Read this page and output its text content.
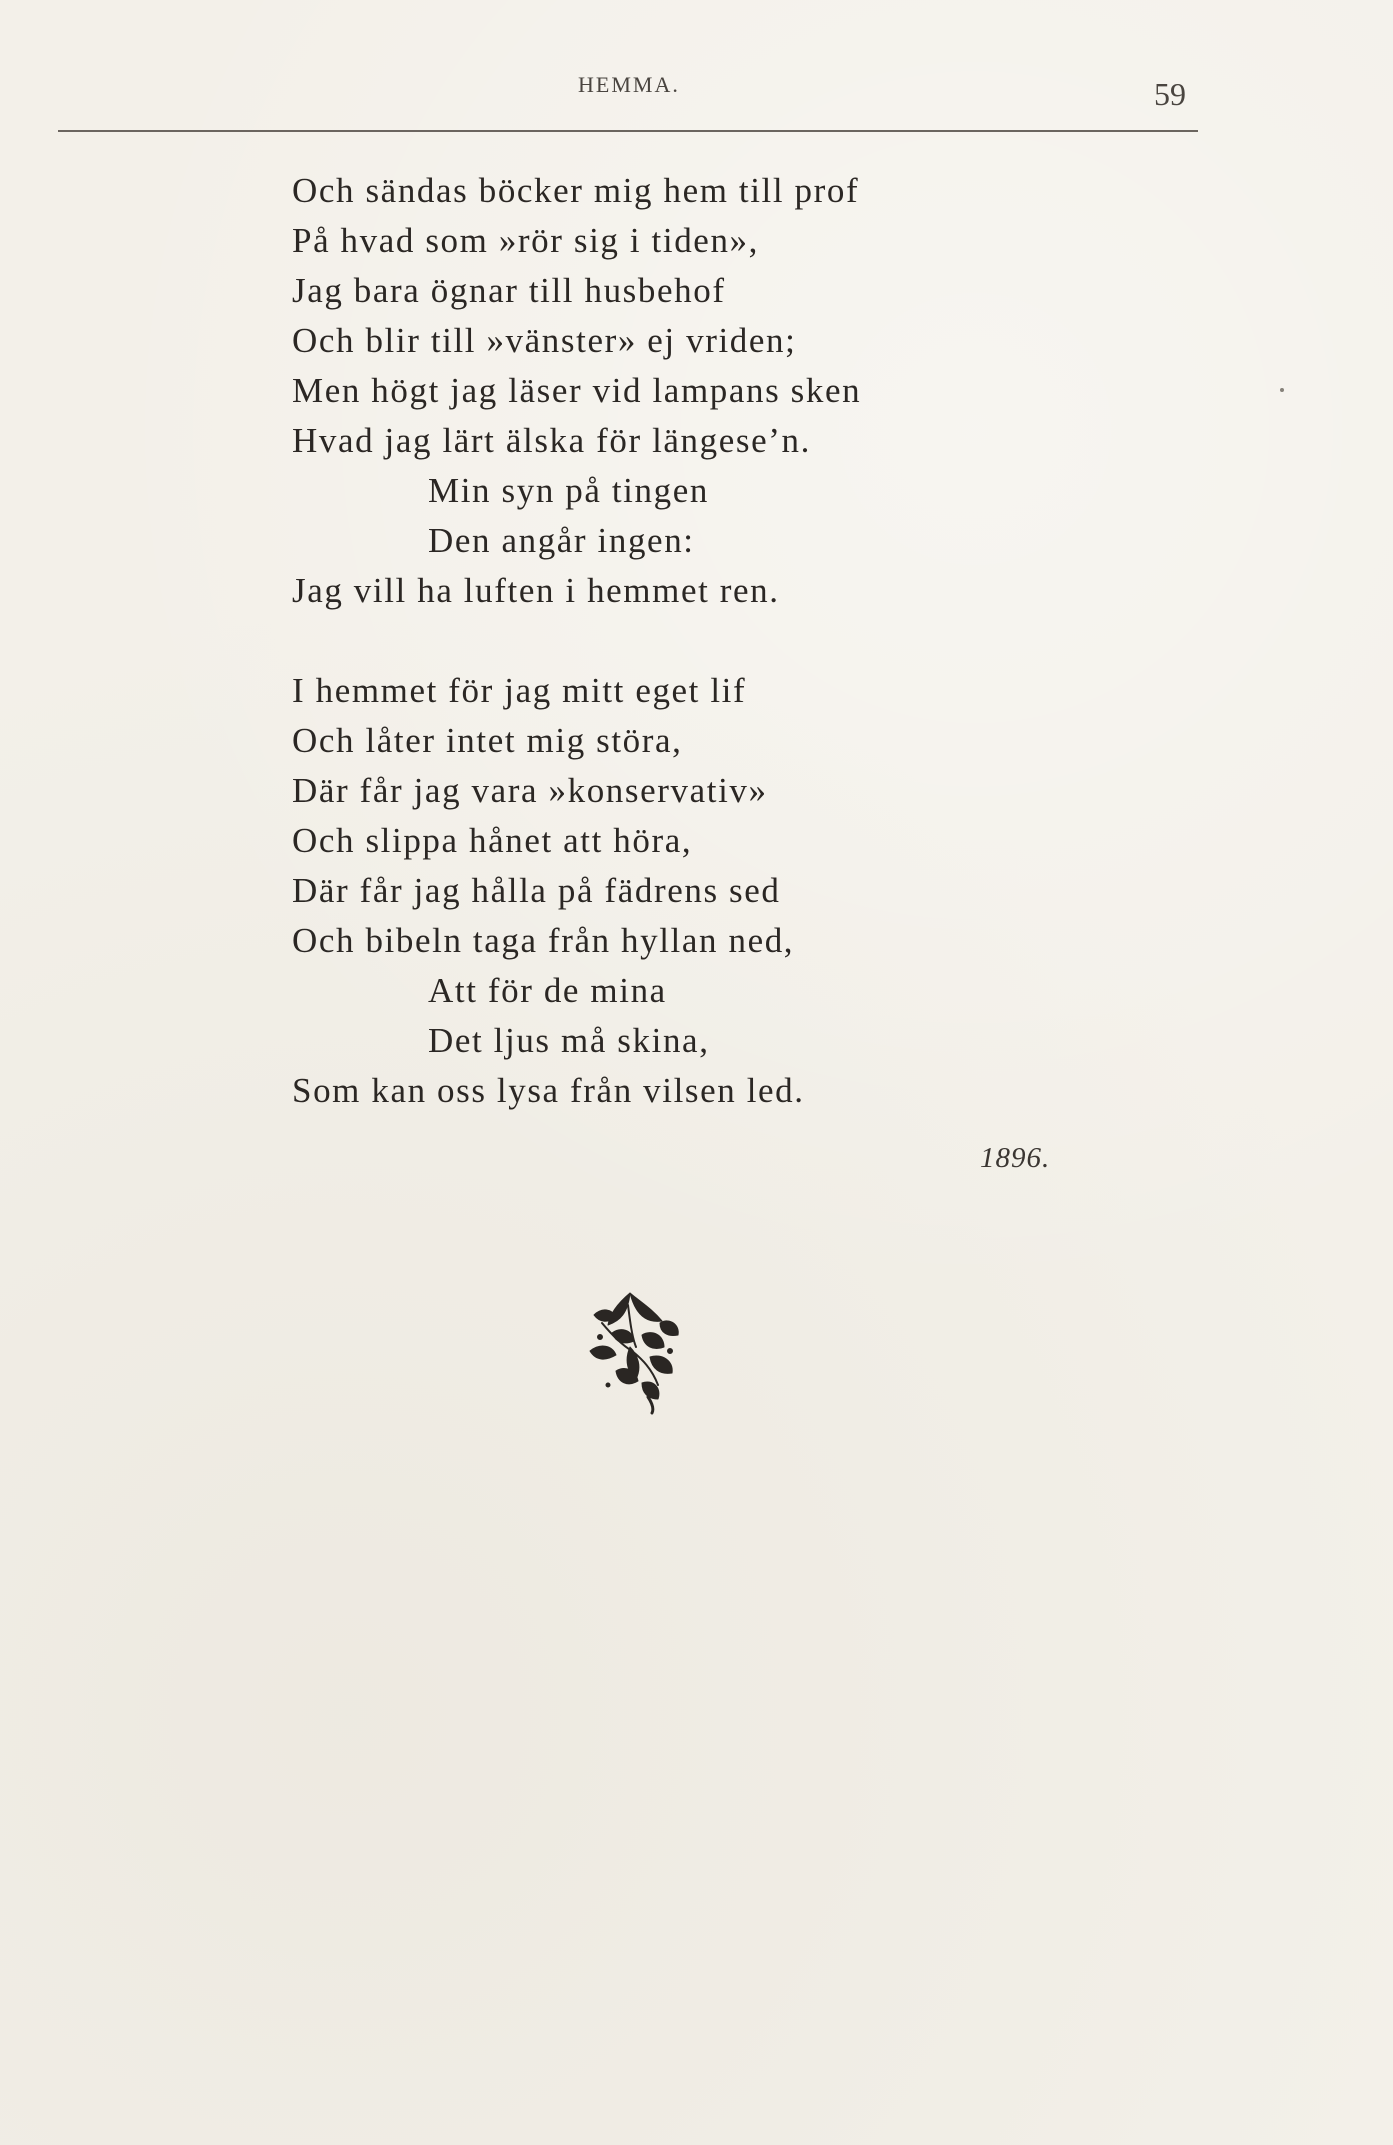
HEMMA.	59
Och sändas böcker mig hem till prof
På hvad som »rör sig i tiden»,
Jag bara ögnar till husbehof
Och blir till »vänster» ej vriden;
Men högt jag läser vid lampans sken
Hvad jag lärt älska för längese’n.
Min syn på tingen
Den angår ingen:
Jag vill ha luften i hemmet ren.
I hemmet för jag mitt eget lif
Och låter intet mig störa,
Där får jag vara »konservativ»
Och slippa hånet att höra,
Där får jag hålla på fädrens sed
Och bibeln taga från hyllan ned,
Att för de mina
Det ljus må skina,
Som kan oss lysa från vilsen led.
1896.
